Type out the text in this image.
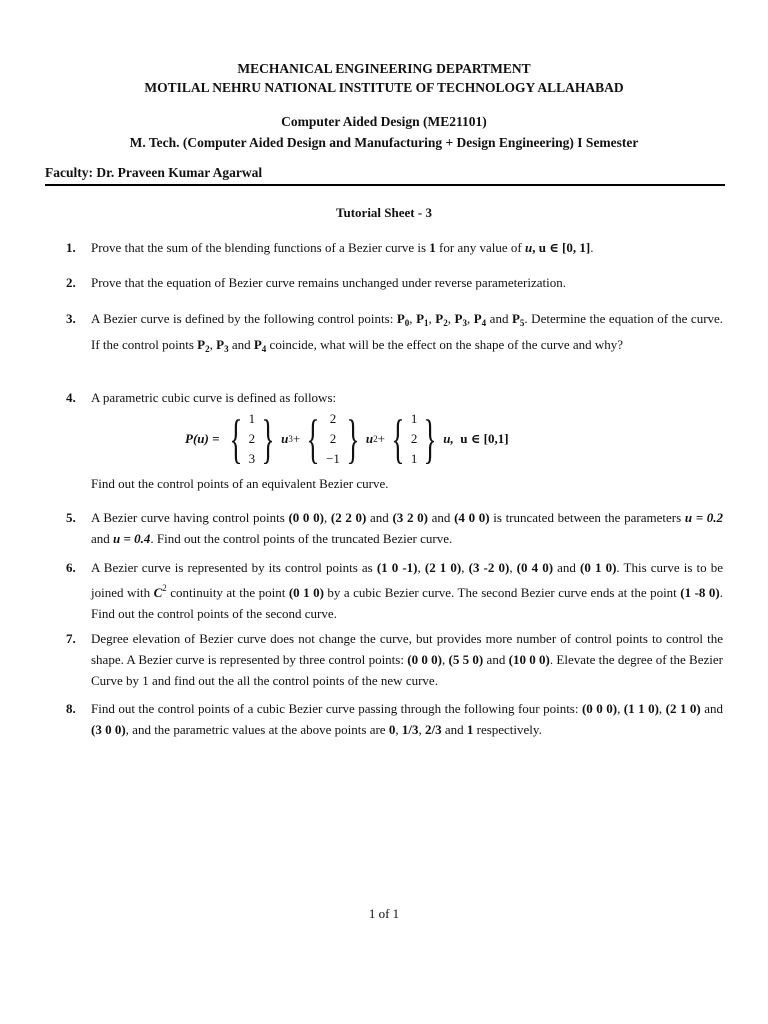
MECHANICAL ENGINEERING DEPARTMENT
MOTILAL NEHRU NATIONAL INSTITUTE OF TECHNOLOGY ALLAHABAD
Computer Aided Design (ME21101)
M. Tech. (Computer Aided Design and Manufacturing + Design Engineering) I Semester
Faculty: Dr. Praveen Kumar Agarwal
Tutorial Sheet - 3
1. Prove that the sum of the blending functions of a Bezier curve is 1 for any value of u, u ∈ [0, 1].
2. Prove that the equation of Bezier curve remains unchanged under reverse parameterization.
3. A Bezier curve is defined by the following control points: $P_0$, $P_1$, $P_2$, $P_3$, $P_4$ and $P_5$. Determine the equation of the curve. If the control points $P_2$, $P_3$ and $P_4$ coincide, what will be the effect on the shape of the curve and why?
4. A parametric cubic curve is defined as follows:
P(u) =
{ 1
2
3 } u 3 + { 2
2
−1 } u 2 + { 1
2
1 } u,
u ∈ [0,1]
Find out the control points of an equivalent Bezier curve.
5. A Bezier curve having control points (0 0 0), (2 2 0) and (3 2 0) and (4 0 0) is truncated between the parameters u = 0.2 and u = 0.4. Find out the control points of the truncated Bezier curve.
6. A Bezier curve is represented by its control points as (1 0 -1), (2 1 0), (3 -2 0), (0 4 0) and (0 1 0). This curve is to be joined with $C^2$ continuity at the point (0 1 0) by a cubic Bezier curve. The second Bezier curve ends at the point (1 -8 0). Find out the control points of the second curve.
7. Degree elevation of Bezier curve does not change the curve, but provides more number of control points to control the shape. A Bezier curve is represented by three control points: (0 0 0), (5 5 0) and (10 0 0). Elevate the degree of the Bezier Curve by 1 and find out the all the control points of the new curve.
8. Find out the control points of a cubic Bezier curve passing through the following four points: (0 0 0), (1 1 0), (2 1 0) and (3 0 0), and the parametric values at the above points are 0, 1/3, 2/3 and 1 respectively.
1 of 1
